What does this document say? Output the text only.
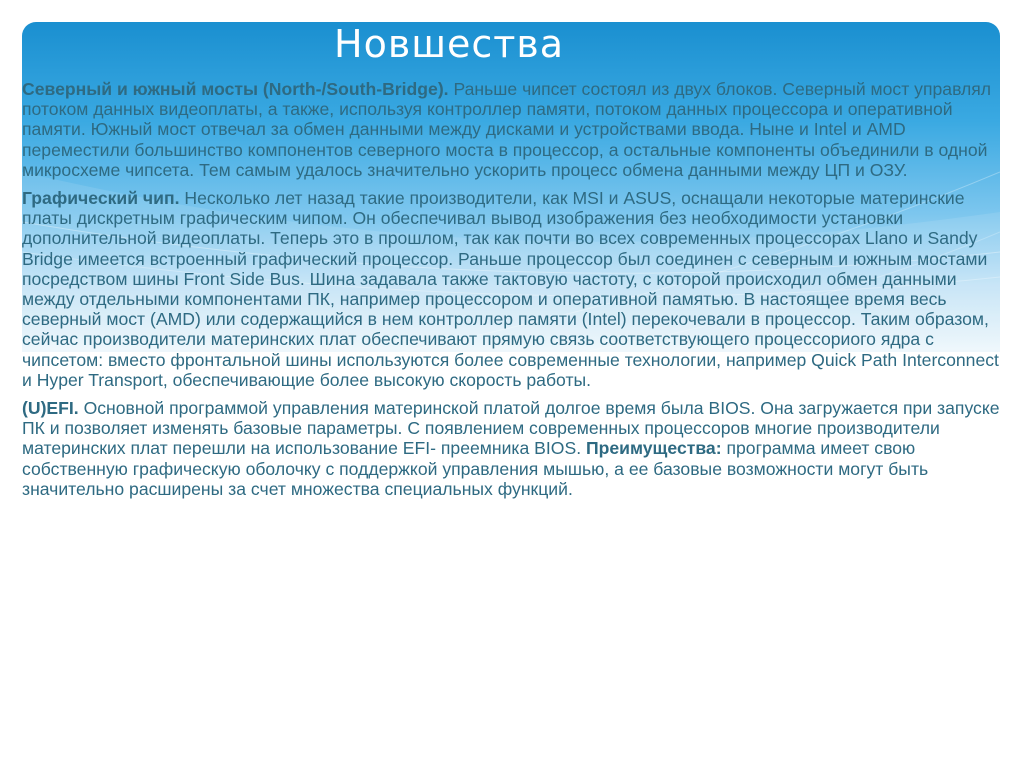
Новшества

Северный и южный мосты (North-/South-Bridge). Раньше чипсет состоял из двух блоков. Северный мост управлял потоком данных видеоплаты, а также, используя контроллер памяти, потоком данных процессора и оперативной памяти. Южный мост отвечал за обмен данными между дисками и устройствами ввода. Ныне и Intel и AMD переместили большинство компонентов северного моста в процессор, а остальные компоненты объединили в одной микросхеме чипсета. Тем самым удалось значительно ускорить процесс обмена данными между ЦП и ОЗУ.

Графический чип. Несколько лет назад такие производители, как MSI и ASUS, оснащали некоторые материнские платы дискретным графическим чипом. Он обеспечивал вывод изображения без необходимости установки дополнительной видеоплаты. Теперь это в прошлом, так как почти во всех современных процессорах Llano и Sandy Bridge имеется встроенный графический процессор. Раньше процессор был соединен с северным и южным мостами посредством шины Front Side Bus. Шина задавала также тактовую частоту, с которой происходил обмен данными между отдельными компонентами ПК, например процессором и оперативной памятью. В настоящее время весь северный мост (AMD) или содержащийся в нем контроллер памяти (Intel) перекочевали в процессор. Таким образом, сейчас производители материнских плат обеспечивают прямую связь соответствующего процессориого ядра с чипсетом: вместо фронтальной шины используются более современные технологии, например Quick Path Interconnect и Hyper Transport, обеспечивающие более высокую скорость работы.

(U)EFI. Основной программой управления материнской платой долгое время была BIOS. Она загружается при запуске ПК и позволяет изменять базовые параметры. С появлением современных процессоров многие производители материнских плат перешли на использование EFI- преемника BIOS. Преимущества: программа имеет свою собственную графическую оболочку с поддержкой управления мышью, а ее базовые возможности могут быть значительно расширены за счет множества специальных функций.
